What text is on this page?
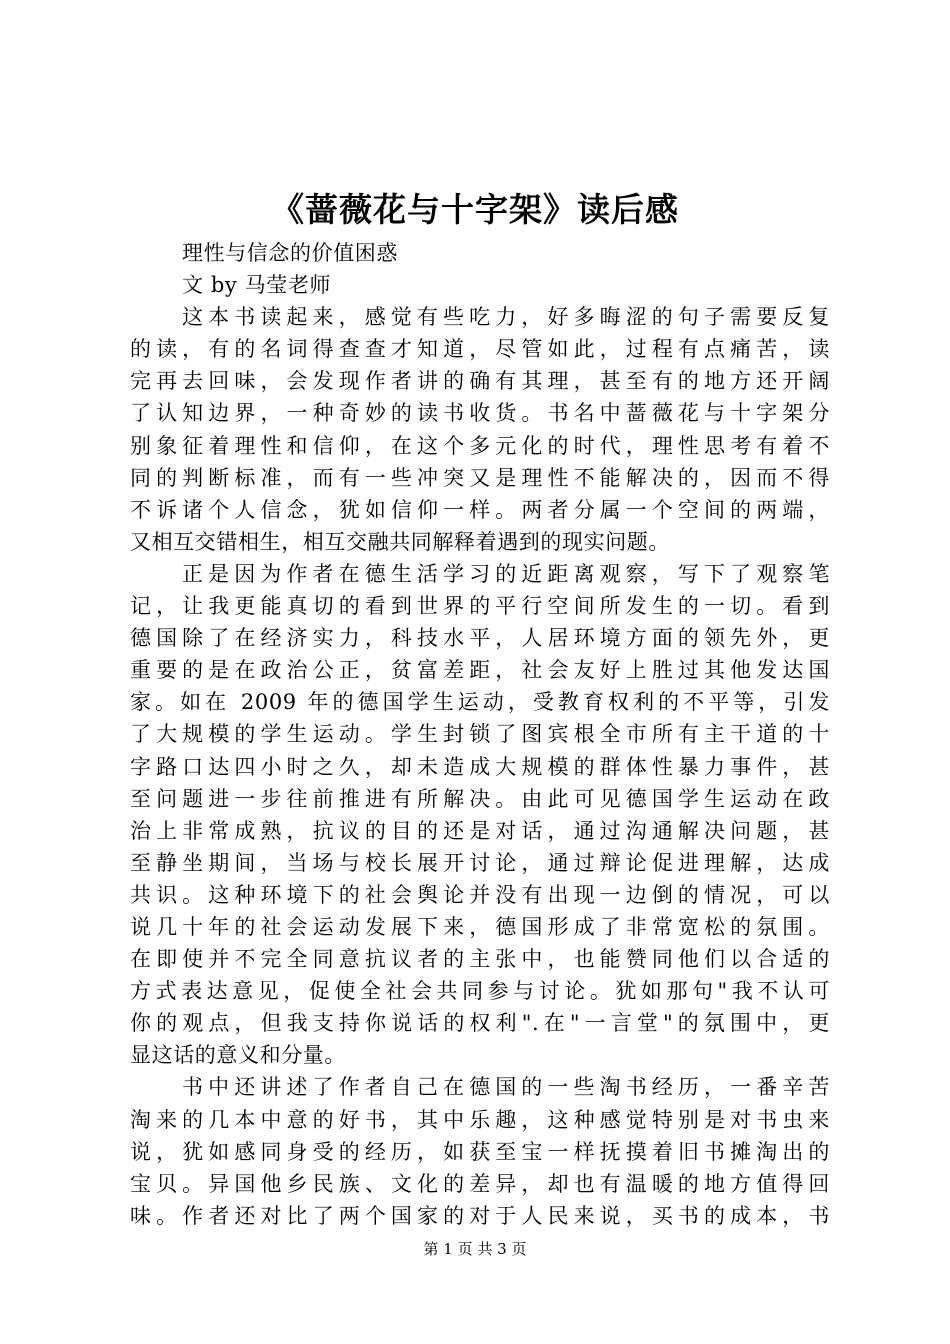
《蔷薇花与十字架》读后感
理性与信念的价值困惑
文 by 马莹老师
这本书读起来，感觉有些吃力，好多晦涩的句子需要反复
的读，有的名词得查查才知道，尽管如此，过程有点痛苦，读
完再去回味，会发现作者讲的确有其理，甚至有的地方还开阔
了认知边界，一种奇妙的读书收货。书名中蔷薇花与十字架分
别象征着理性和信仰，在这个多元化的时代，理性思考有着不
同的判断标准，而有一些冲突又是理性不能解决的，因而不得
不诉诸个人信念，犹如信仰一样。两者分属一个空间的两端，
又相互交错相生，相互交融共同解释着遇到的现实问题。
正是因为作者在德生活学习的近距离观察，写下了观察笔
记，让我更能真切的看到世界的平行空间所发生的一切。看到
德国除了在经济实力，科技水平，人居环境方面的领先外，更
重要的是在政治公正，贫富差距，社会友好上胜过其他发达国
家。如在 2009 年的德国学生运动，受教育权利的不平等，引发
了大规模的学生运动。学生封锁了图宾根全市所有主干道的十
字路口达四小时之久，却未造成大规模的群体性暴力事件，甚
至问题进一步往前推进有所解决。由此可见德国学生运动在政
治上非常成熟，抗议的目的还是对话，通过沟通解决问题，甚
至静坐期间，当场与校长展开讨论，通过辩论促进理解，达成
共识。这种环境下的社会舆论并没有出现一边倒的情况，可以
说几十年的社会运动发展下来，德国形成了非常宽松的氛围。
在即使并不完全同意抗议者的主张中，也能赞同他们以合适的
方式表达意见，促使全社会共同参与讨论。犹如那句"我不认可
你的观点，但我支持你说话的权利".在"一言堂"的氛围中，更
显这话的意义和分量。
书中还讲述了作者自己在德国的一些淘书经历，一番辛苦
淘来的几本中意的好书，其中乐趣，这种感觉特别是对书虫来
说，犹如感同身受的经历，如获至宝一样抚摸着旧书摊淘出的
宝贝。异国他乡民族、文化的差异，却也有温暖的地方值得回
味。作者还对比了两个国家的对于人民来说，买书的成本，书
第 1 页 共 3 页
